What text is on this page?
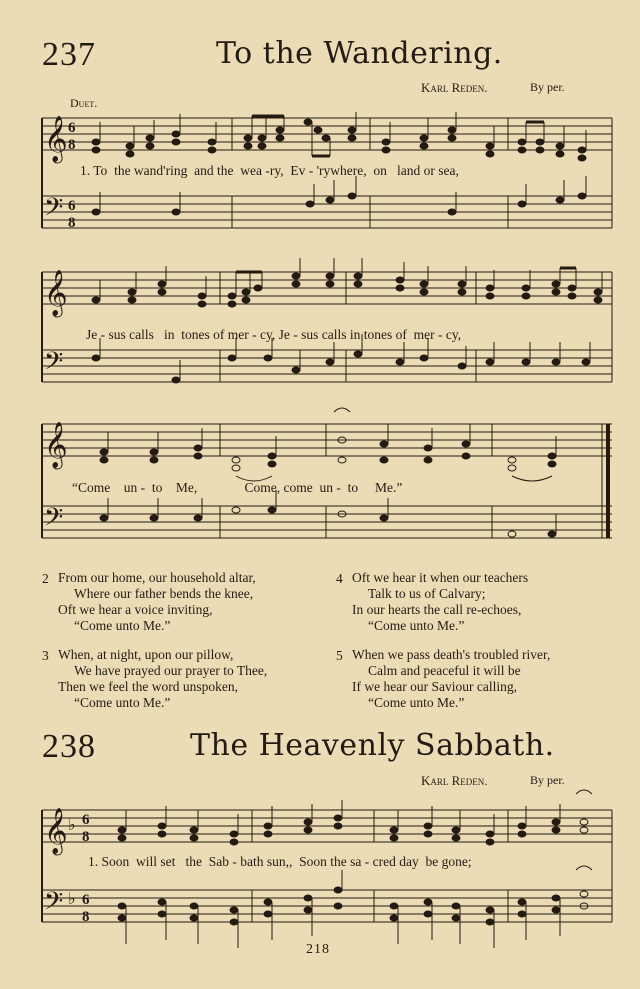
237	To the Wandering.
Karl Reden.	By per.
Duet.
𝄞
𝄢
6
8
6
8
1. To the wand'ring and the wea -ry, Ev - 'rywhere, on land or sea,
𝄞
𝄢
Je - sus calls in tones of mer - cy, Je - sus calls in tones of mer - cy,
𝄞
𝄢
“Come un - to Me,	Come, come un - to Me.”
2 From our home, our household altar,
Where our father bends the knee,
Oft we hear a voice inviting,
“Come unto Me.”
3 When, at night, upon our pillow,
We have prayed our prayer to Thee,
Then we feel the word unspoken,
“Come unto Me.”
4 Oft we hear it when our teachers
Talk to us of Calvary;
In our hearts the call re-echoes,
“Come unto Me.”
5 When we pass death's troubled river,
Calm and peaceful it will be
If we hear our Saviour calling,
“Come unto Me.”
238	The Heavenly Sabbath.
Karl Reden.	By per.
𝄞
𝄢
♭
♭
6
8
6
8
1. Soon will set the Sab - bath sun,,  Soon the sa - cred day be gone;
218
